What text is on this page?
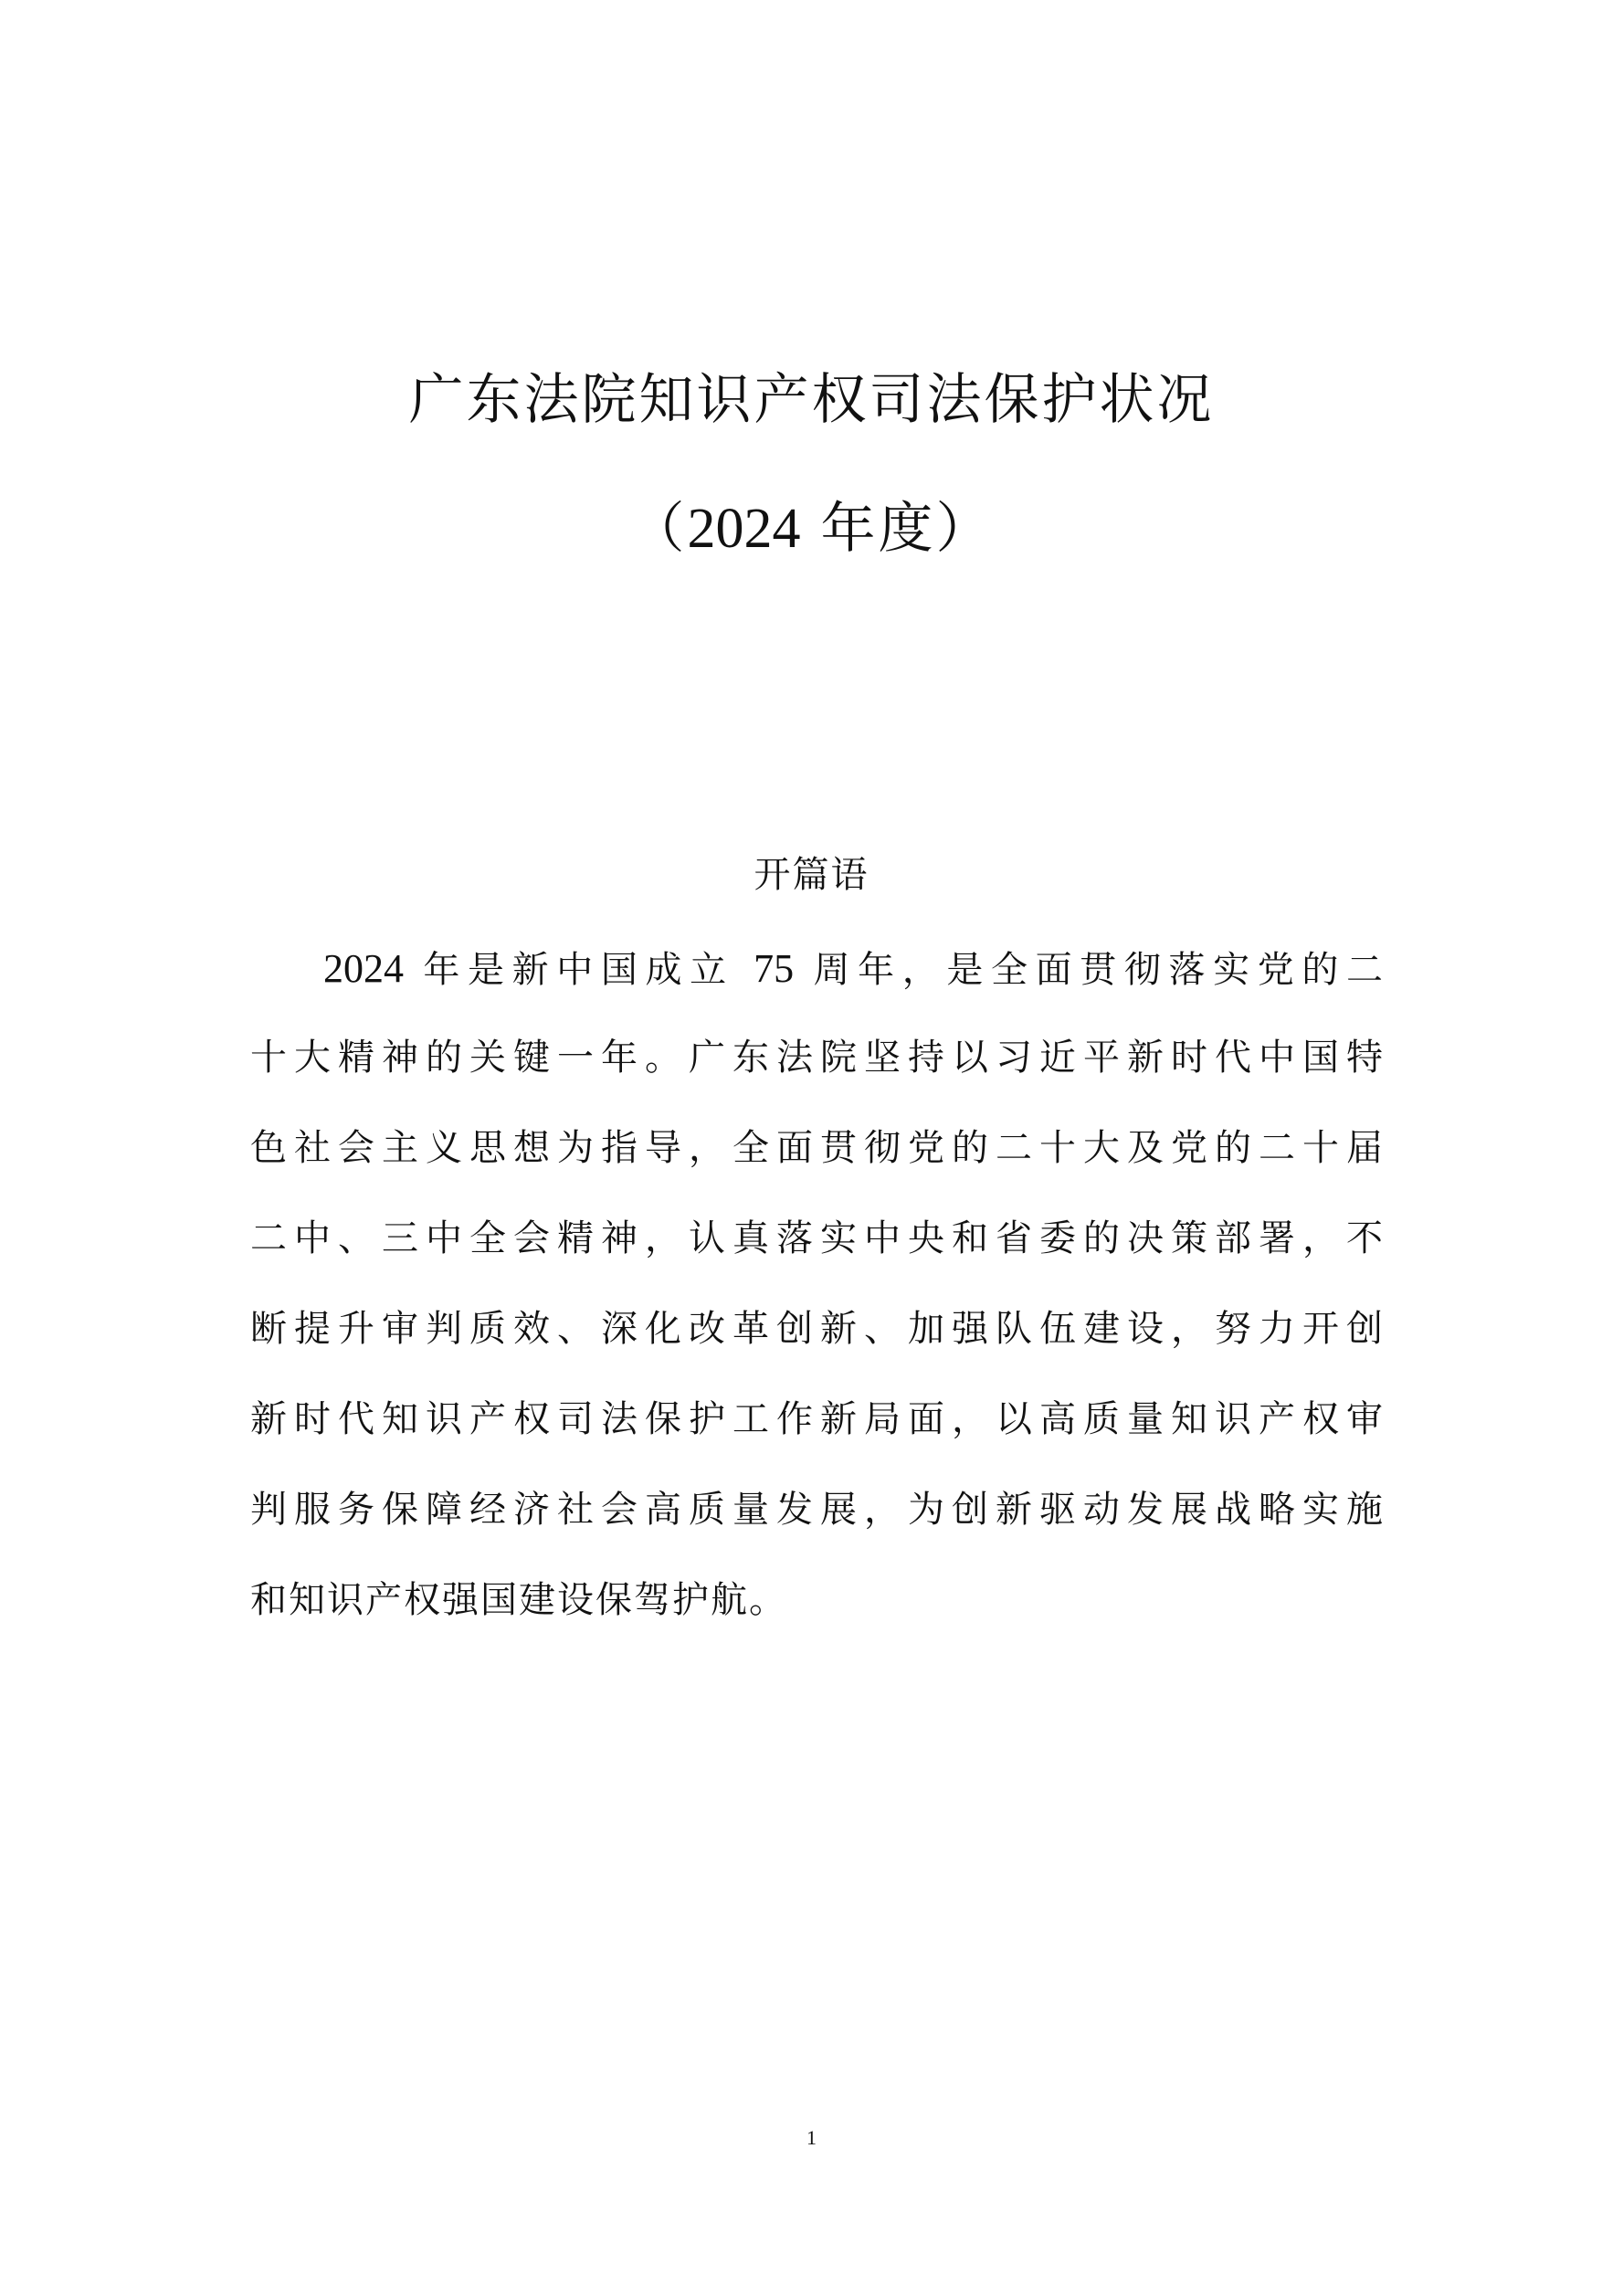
广东法院知识产权司法保护状况
（2024 年度）
开篇语
2024 年是新中国成立 75 周年，是全面贯彻落实党的二
十大精神的关键一年。广东法院坚持以习近平新时代中国特
色社会主义思想为指导，全面贯彻党的二十大及党的二十届
二中、三中全会精神，认真落实中央和省委的决策部署，不
断提升审判质效、深化改革创新、加强队伍建设，努力开创
新时代知识产权司法保护工作新局面，以高质量知识产权审
判服务保障经济社会高质量发展，为创新驱动发展战略实施
和知识产权强国建设保驾护航。
1
